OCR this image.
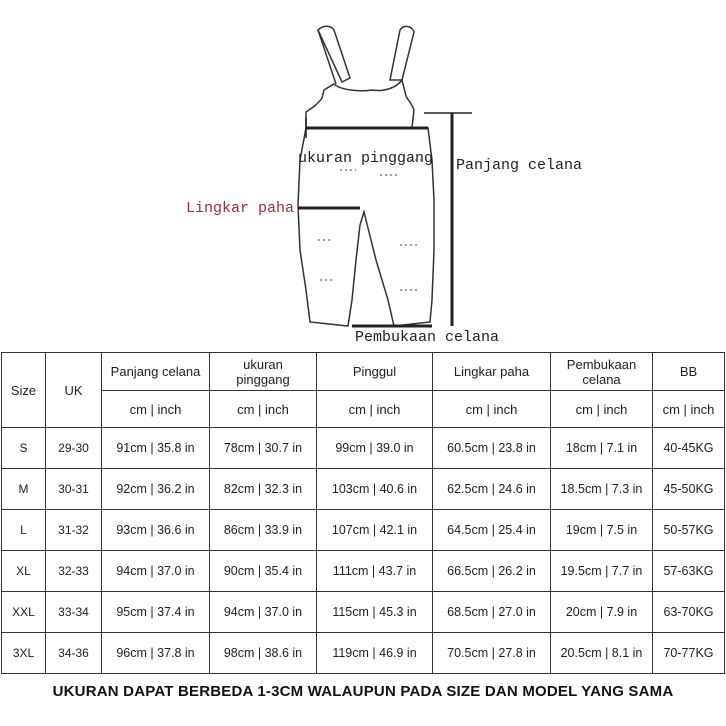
ukuran pinggang Panjang celana
Lingkar paha
Pembukaan celana
Size	UK	Panjang celana	ukuran pinggang	Pinggul	Lingkar paha	Pembukaan celana	BB
		cm | inch	cm | inch	cm | inch	cm | inch	cm | inch	cm | inch
S	29-30	91cm | 35.8 in	78cm | 30.7 in	99cm | 39.0 in	60.5cm | 23.8 in	18cm | 7.1 in	40-45KG
M	30-31	92cm | 36.2 in	82cm | 32.3 in	103cm | 40.6 in	62.5cm | 24.6 in	18.5cm | 7.3 in	45-50KG
L	31-32	93cm | 36.6 in	86cm | 33.9 in	107cm | 42.1 in	64.5cm | 25.4 in	19cm | 7.5 in	50-57KG
XL	32-33	94cm | 37.0 in	90cm | 35.4 in	111cm | 43.7 in	66.5cm | 26.2 in	19.5cm | 7.7 in	57-63KG
XXL	33-34	95cm | 37.4 in	94cm | 37.0 in	115cm | 45.3 in	68.5cm | 27.0 in	20cm | 7.9 in	63-70KG
3XL	34-36	96cm | 37.8 in	98cm | 38.6 in	119cm | 46.9 in	70.5cm | 27.8 in	20.5cm | 8.1 in	70-77KG
UKURAN DAPAT BERBEDA 1-3CM WALAUPUN PADA SIZE DAN MODEL YANG SAMA
